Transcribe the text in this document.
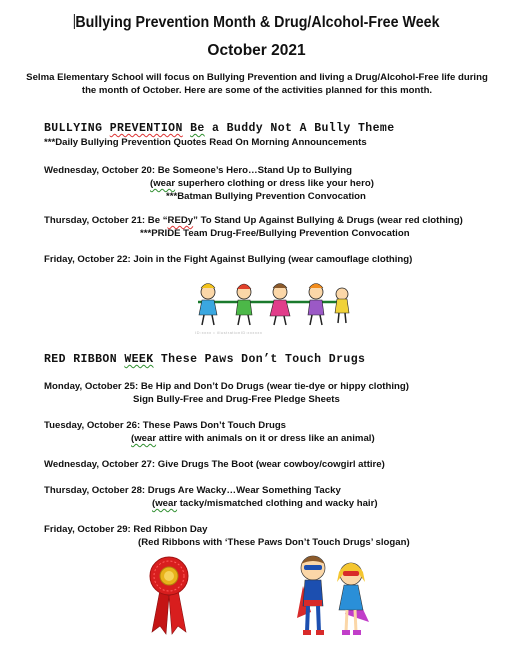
Bullying Prevention Month & Drug/Alcohol-Free Week
October 2021
Selma Elementary School will focus on Bullying Prevention and living a Drug/Alcohol-Free life during
the month of October. Here are some of the activities planned for this month.
BULLYING PREVENTION Be a Buddy Not A Bully Theme
***Daily Bullying Prevention Quotes Read On Morning Announcements
Wednesday, October 20: Be Someone’s Hero…Stand Up to Bullying
(wear superhero clothing or dress like your hero)
***Batman Bullying Prevention Convocation
Thursday, October 21: Be “REDy” To Stand Up Against Bullying & Drugs (wear red clothing)
***PRIDE Team Drug-Free/Bullying Prevention Convocation
Friday, October 22: Join in the Fight Against Bullying (wear camouflage clothing)
ID:xxxx • illustrationID:xxxxxx
RED RIBBON WEEK These Paws Don’t Touch Drugs
Monday, October 25: Be Hip and Don’t Do Drugs (wear tie-dye or hippy clothing)
Sign Bully-Free and Drug-Free Pledge Sheets
Tuesday, October 26: These Paws Don’t Touch Drugs
(wear attire with animals on it or dress like an animal)
Wednesday, October 27: Give Drugs The Boot (wear cowboy/cowgirl attire)
Thursday, October 28: Drugs Are Wacky…Wear Something Tacky
(wear tacky/mismatched clothing and wacky hair)
Friday, October 29: Red Ribbon Day
(Red Ribbons with ‘These Paws Don’t Touch Drugs’ slogan)
